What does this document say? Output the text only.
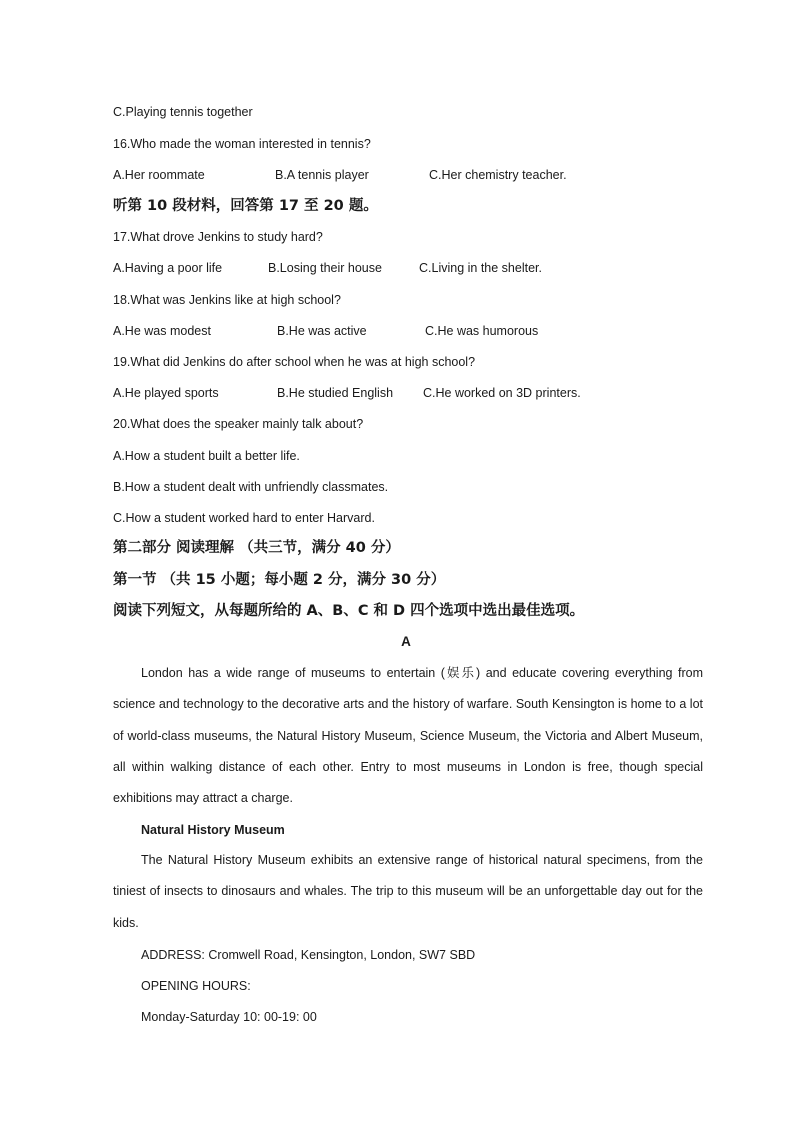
C.Playing tennis together
16.Who made the woman interested in tennis?
A.Her roommate	B.A tennis player	C.Her chemistry teacher.
听第 10 段材料，回答第 17 至 20 题。
17.What drove Jenkins to study hard?
A.Having a poor life	B.Losing their house	C.Living in the shelter.
18.What was Jenkins like at high school?
A.He was modest	B.He was active	C.He was humorous
19.What did Jenkins do after school when he was at high school?
A.He played sports	B.He studied English C.He worked on 3D printers.
20.What does the speaker mainly talk about?
A.How a student built a better life.
B.How a student dealt with unfriendly classmates.
C.How a student worked hard to enter Harvard.
第二部分 阅读理解 （共三节，满分 40 分）
第一节 （共 15 小题；每小题 2 分，满分 30 分）
阅读下列短文，从每题所给的 A、B、C 和 D 四个选项中选出最佳选项。
A
London has a wide range of museums to entertain (娱乐) and educate covering everything from science and technology to the decorative arts and the history of warfare. South Kensington is home to a lot of world-class museums, the Natural History Museum, Science Museum, the Victoria and Albert Museum, all within walking distance of each other. Entry to most museums in London is free, though special exhibitions may attract a charge.
Natural History Museum
The Natural History Museum exhibits an extensive range of historical natural specimens, from the tiniest of insects to dinosaurs and whales. The trip to this museum will be an unforgettable day out for the kids.
ADDRESS: Cromwell Road, Kensington, London, SW7 SBD
OPENING HOURS:
Monday-Saturday 10: 00-19: 00
